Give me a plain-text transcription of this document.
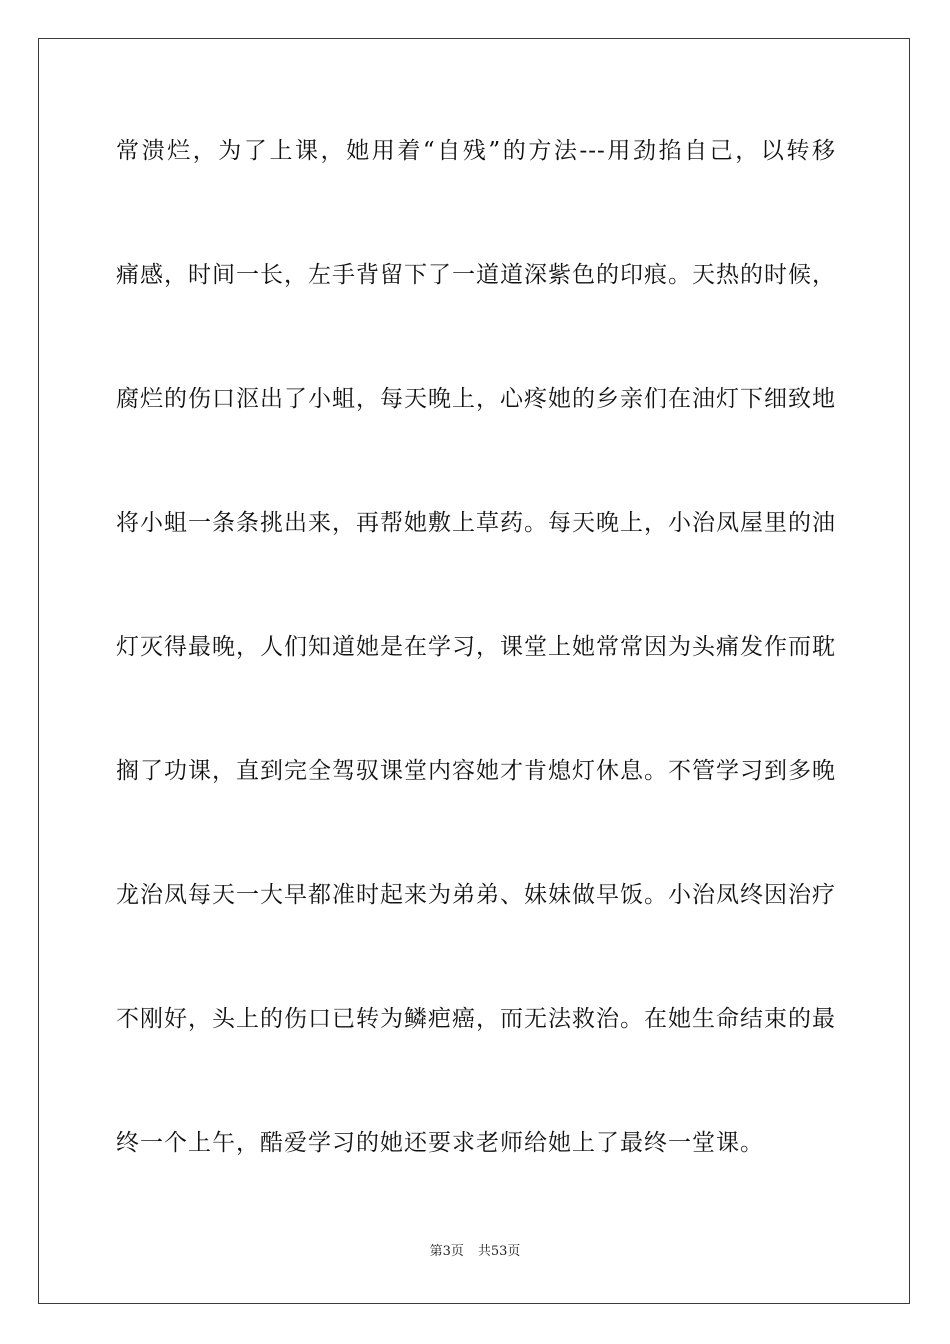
常溃烂，为了上课，她用着“自残”的方法---用劲掐自己，以转移
痛感，时间一长，左手背留下了一道道深紫色的印痕。天热的时候，
腐烂的伤口沤出了小蛆，每天晚上，心疼她的乡亲们在油灯下细致地
将小蛆一条条挑出来，再帮她敷上草药。每天晚上，小治凤屋里的油
灯灭得最晚，人们知道她是在学习，课堂上她常常因为头痛发作而耽
搁了功课，直到完全驾驭课堂内容她才肯熄灯休息。不管学习到多晚
龙治凤每天一大早都准时起来为弟弟、妹妹做早饭。小治凤终因治疗
不刚好，头上的伤口已转为鳞疤癌，而无法救治。在她生命结束的最
终一个上午，酷爱学习的她还要求老师给她上了最终一堂课。
第3页 共53页
